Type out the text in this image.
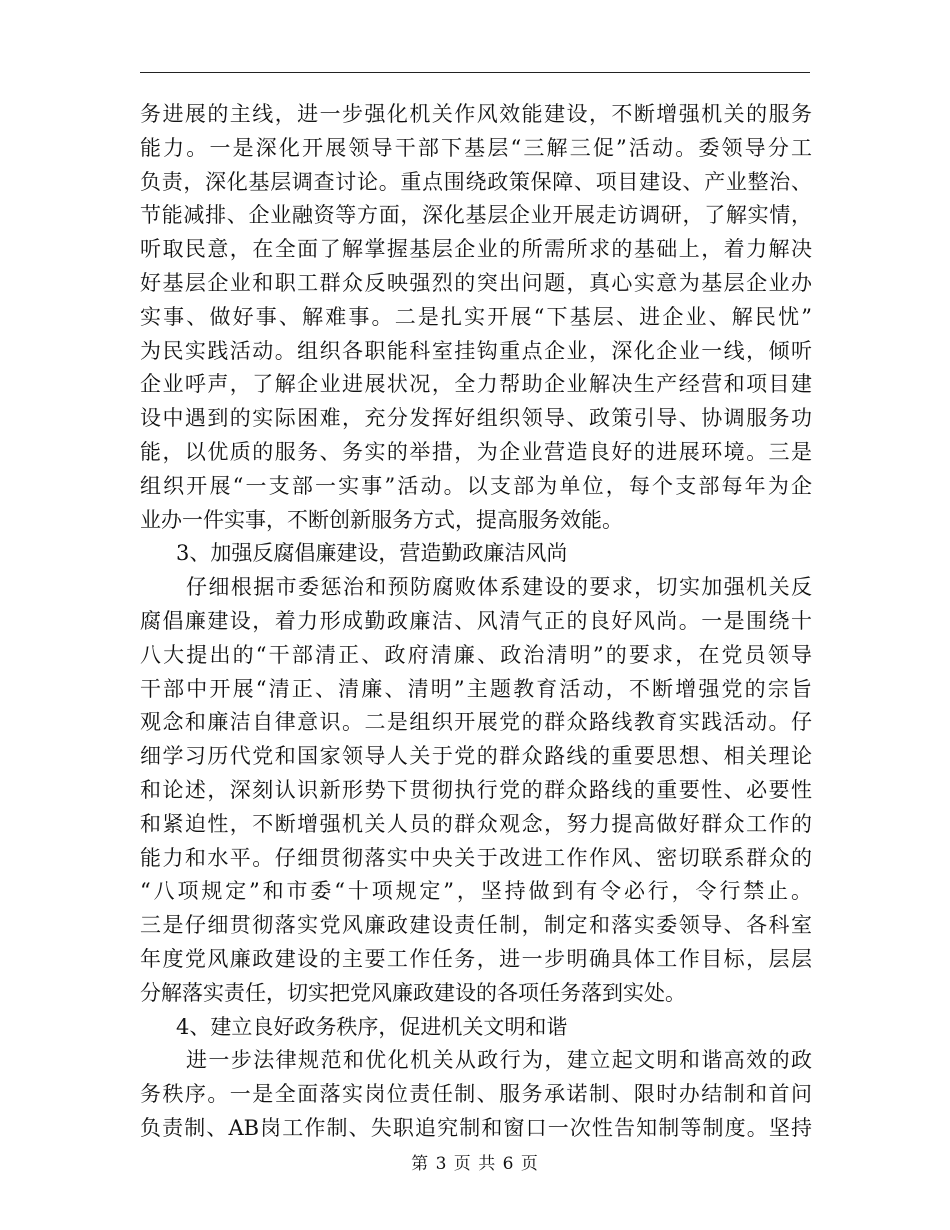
务进展的主线，进一步强化机关作风效能建设，不断增强机关的服务
能力。一是深化开展领导干部下基层“三解三促”活动。委领导分工
负责，深化基层调查讨论。重点围绕政策保障、项目建设、产业整治、
节能减排、企业融资等方面，深化基层企业开展走访调研，了解实情，
听取民意，在全面了解掌握基层企业的所需所求的基础上，着力解决
好基层企业和职工群众反映强烈的突出问题，真心实意为基层企业办
实事、做好事、解难事。二是扎实开展“下基层、进企业、解民忧”
为民实践活动。组织各职能科室挂钩重点企业，深化企业一线，倾听
企业呼声，了解企业进展状况，全力帮助企业解决生产经营和项目建
设中遇到的实际困难，充分发挥好组织领导、政策引导、协调服务功
能，以优质的服务、务实的举措，为企业营造良好的进展环境。三是
组织开展“一支部一实事”活动。以支部为单位，每个支部每年为企
业办一件实事，不断创新服务方式，提高服务效能。
3、加强反腐倡廉建设，营造勤政廉洁风尚
仔细根据市委惩治和预防腐败体系建设的要求，切实加强机关反
腐倡廉建设，着力形成勤政廉洁、风清气正的良好风尚。一是围绕十
八大提出的“干部清正、政府清廉、政治清明”的要求，在党员领导
干部中开展“清正、清廉、清明”主题教育活动，不断增强党的宗旨
观念和廉洁自律意识。二是组织开展党的群众路线教育实践活动。仔
细学习历代党和国家领导人关于党的群众路线的重要思想、相关理论
和论述，深刻认识新形势下贯彻执行党的群众路线的重要性、必要性
和紧迫性，不断增强机关人员的群众观念，努力提高做好群众工作的
能力和水平。仔细贯彻落实中央关于改进工作作风、密切联系群众的
“八项规定”和市委“十项规定”，坚持做到有令必行，令行禁止。
三是仔细贯彻落实党风廉政建设责任制，制定和落实委领导、各科室
年度党风廉政建设的主要工作任务，进一步明确具体工作目标，层层
分解落实责任，切实把党风廉政建设的各项任务落到实处。
4、建立良好政务秩序，促进机关文明和谐
进一步法律规范和优化机关从政行为，建立起文明和谐高效的政
务秩序。一是全面落实岗位责任制、服务承诺制、限时办结制和首问
负责制、AB岗工作制、失职追究制和窗口一次性告知制等制度。坚持
第 3 页 共 6 页
